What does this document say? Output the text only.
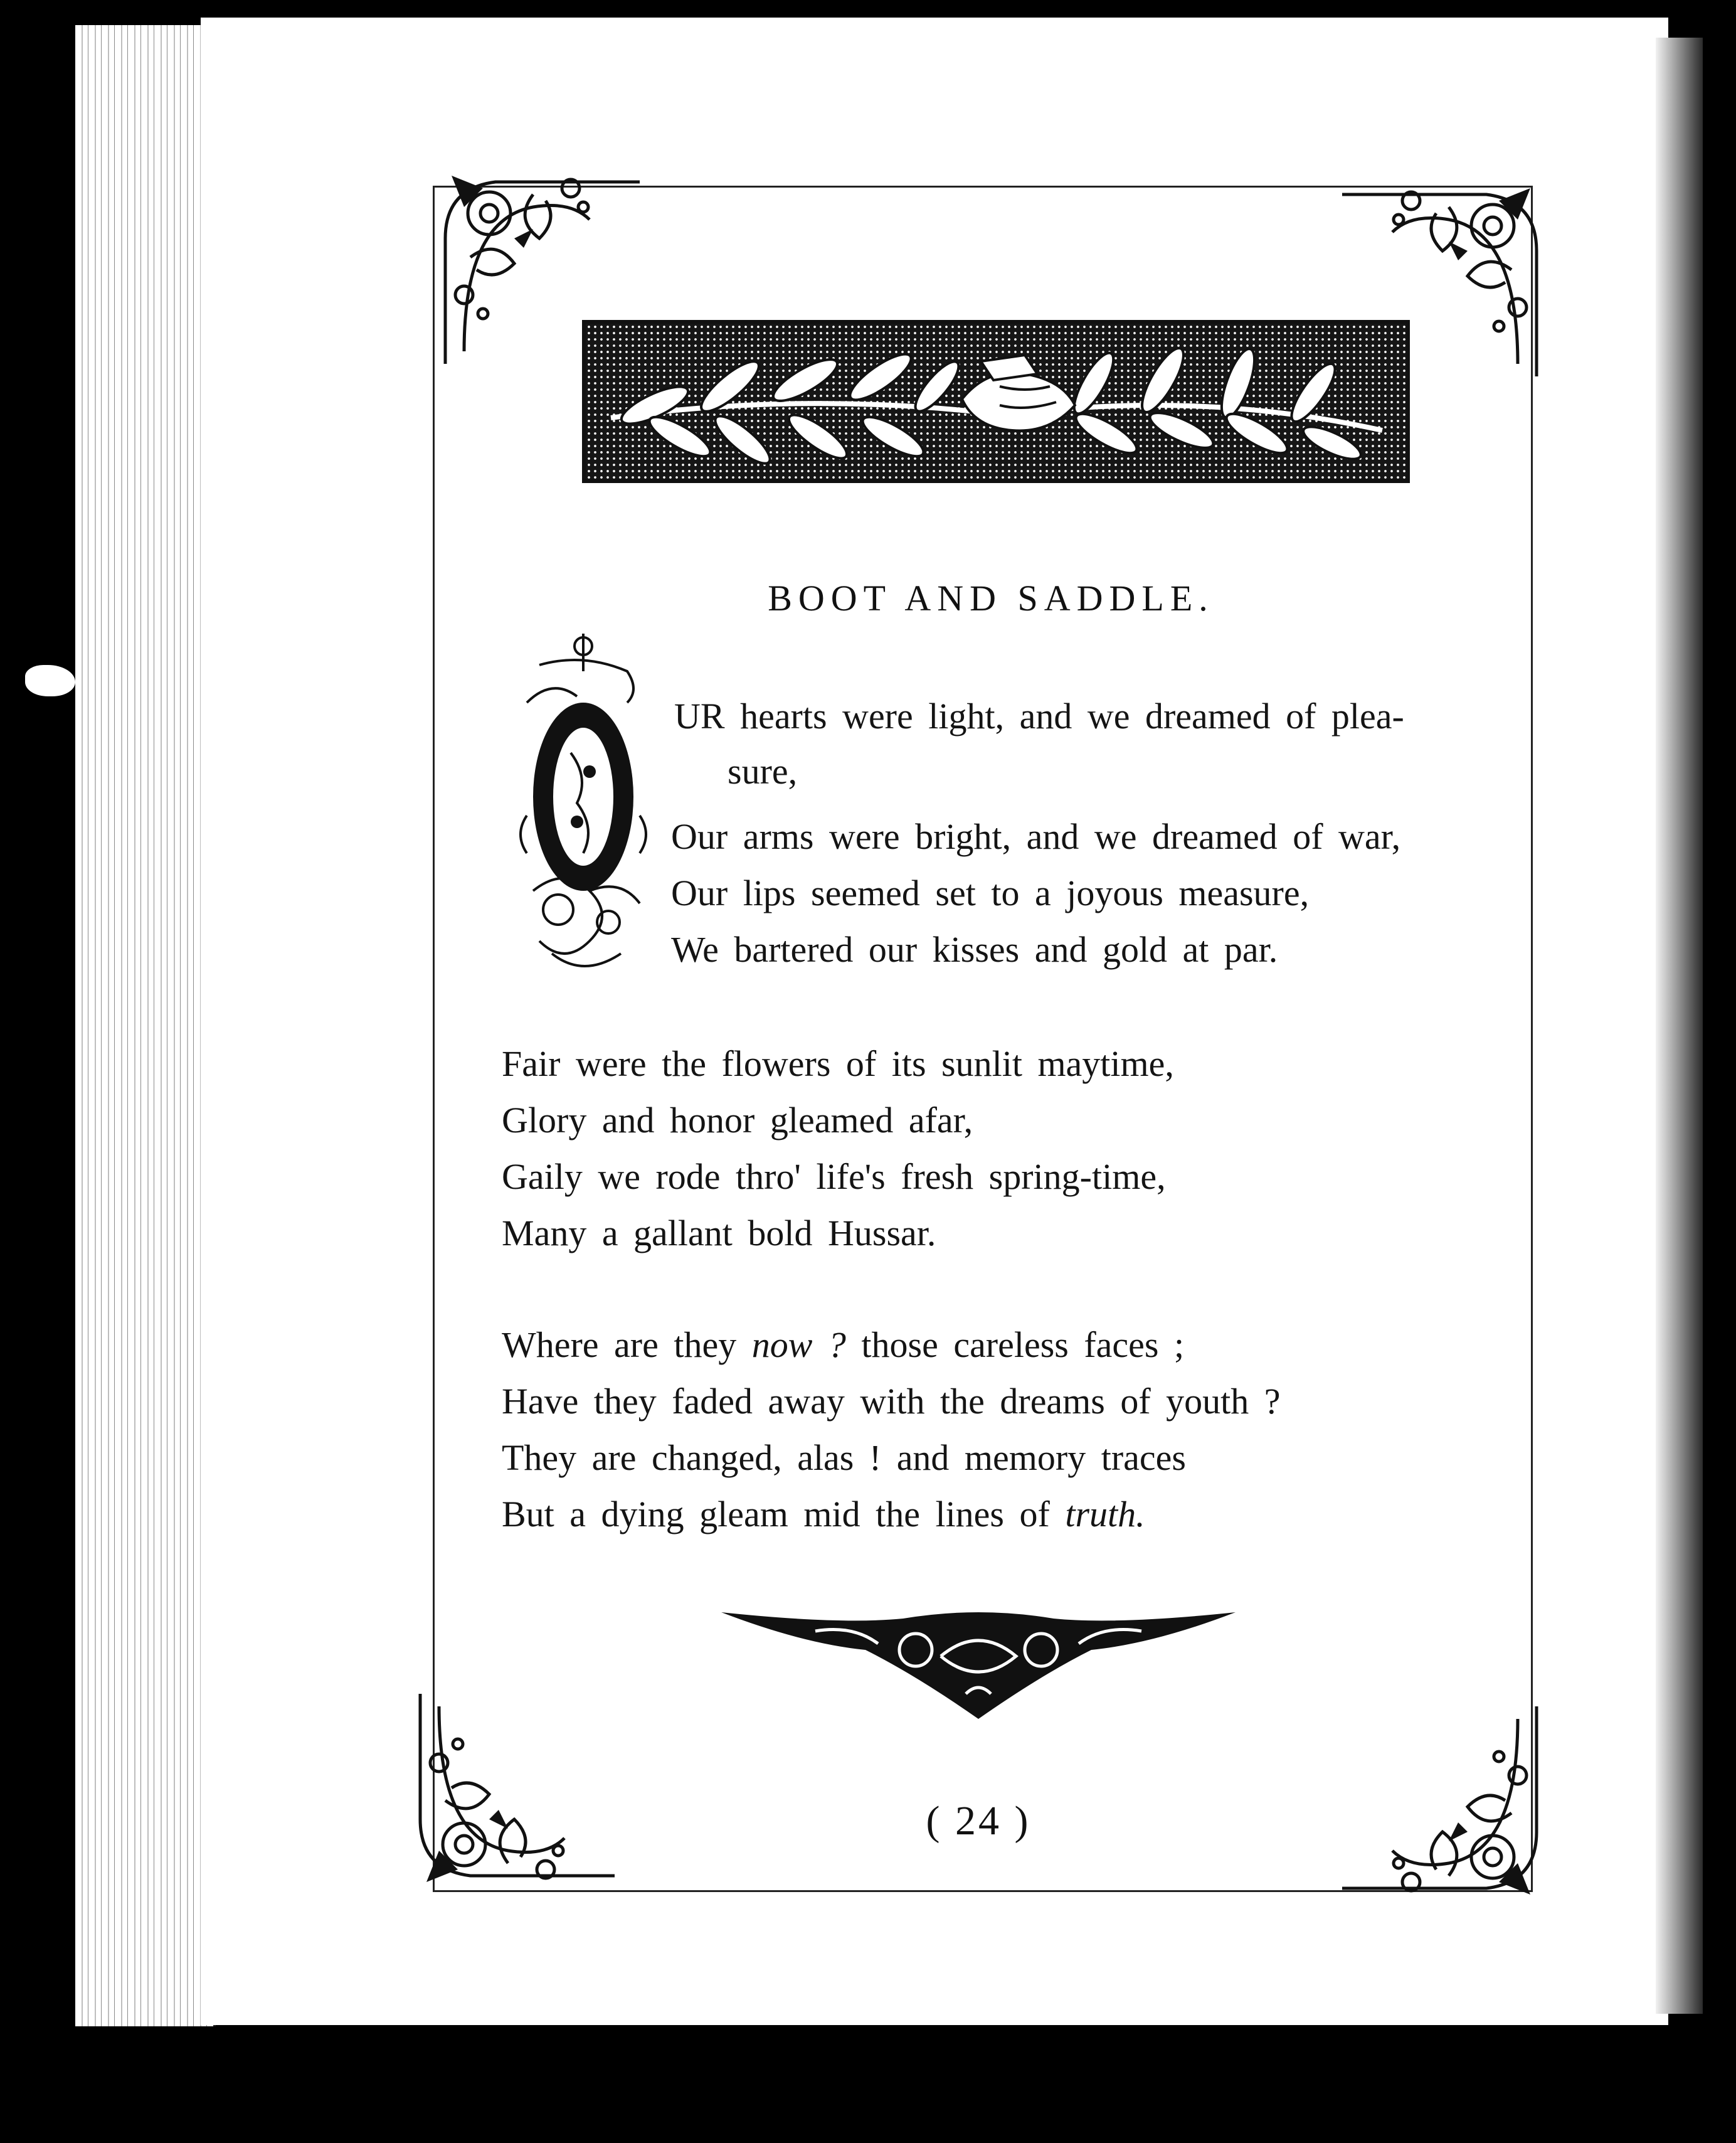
BOOT AND SADDLE.
UR hearts were light, and we dreamed of plea-
sure,
Our arms were bright, and we dreamed of war,
Our lips seemed set to a joyous measure,
We bartered our kisses and gold at par.
Fair were the flowers of its sunlit maytime,
Glory and honor gleamed afar,
Gaily we rode thro' life's fresh spring-time,
Many a gallant bold Hussar.
Where are they now ? those careless faces ;
Have they faded away with the dreams of youth ?
They are changed, alas ! and memory traces
But a dying gleam mid the lines of truth.
( 24 )
